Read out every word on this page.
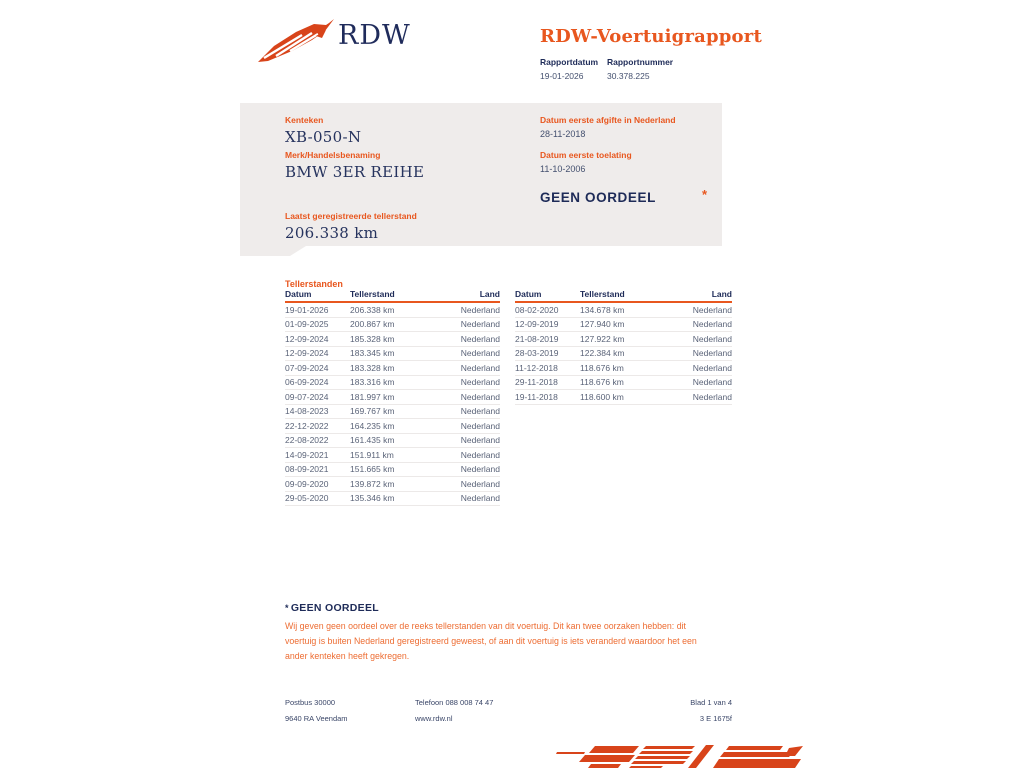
RDW	RDW-Voertuigrapport
Rapportdatum
19-01-2026
Rapportnummer
30.378.225
Kenteken
XB-050-N
Merk/Handelsbenaming
BMW 3ER REIHE
Laatst geregistreerde tellerstand
206.338 km
Datum eerste afgifte in Nederland
28-11-2018
Datum eerste toelating
11-10-2006
GEEN OORDEEL	*
Tellerstanden
Datum	Tellerstand	Land
19-01-2026	206.338 km	Nederland
01-09-2025	200.867 km	Nederland
12-09-2024	185.328 km	Nederland
12-09-2024	183.345 km	Nederland
07-09-2024	183.328 km	Nederland
06-09-2024	183.316 km	Nederland
09-07-2024	181.997 km	Nederland
14-08-2023	169.767 km	Nederland
22-12-2022	164.235 km	Nederland
22-08-2022	161.435 km	Nederland
14-09-2021	151.911 km	Nederland
08-09-2021	151.665 km	Nederland
09-09-2020	139.872 km	Nederland
29-05-2020	135.346 km	Nederland
Datum	Tellerstand	Land
08-02-2020	134.678 km	Nederland
12-09-2019	127.940 km	Nederland
21-08-2019	127.922 km	Nederland
28-03-2019	122.384 km	Nederland
11-12-2018	118.676 km	Nederland
29-11-2018	118.676 km	Nederland
19-11-2018	118.600 km	Nederland
* GEEN OORDEEL
Wij geven geen oordeel over de reeks tellerstanden van dit voertuig. Dit kan twee oorzaken hebben: dit voertuig is buiten Nederland geregistreerd geweest, of aan dit voertuig is iets veranderd waardoor het een ander kenteken heeft gekregen.
Postbus 30000
9640 RA Veendam
Telefoon 088 008 74 47
www.rdw.nl
Blad 1 van 4
3 E 1675f
